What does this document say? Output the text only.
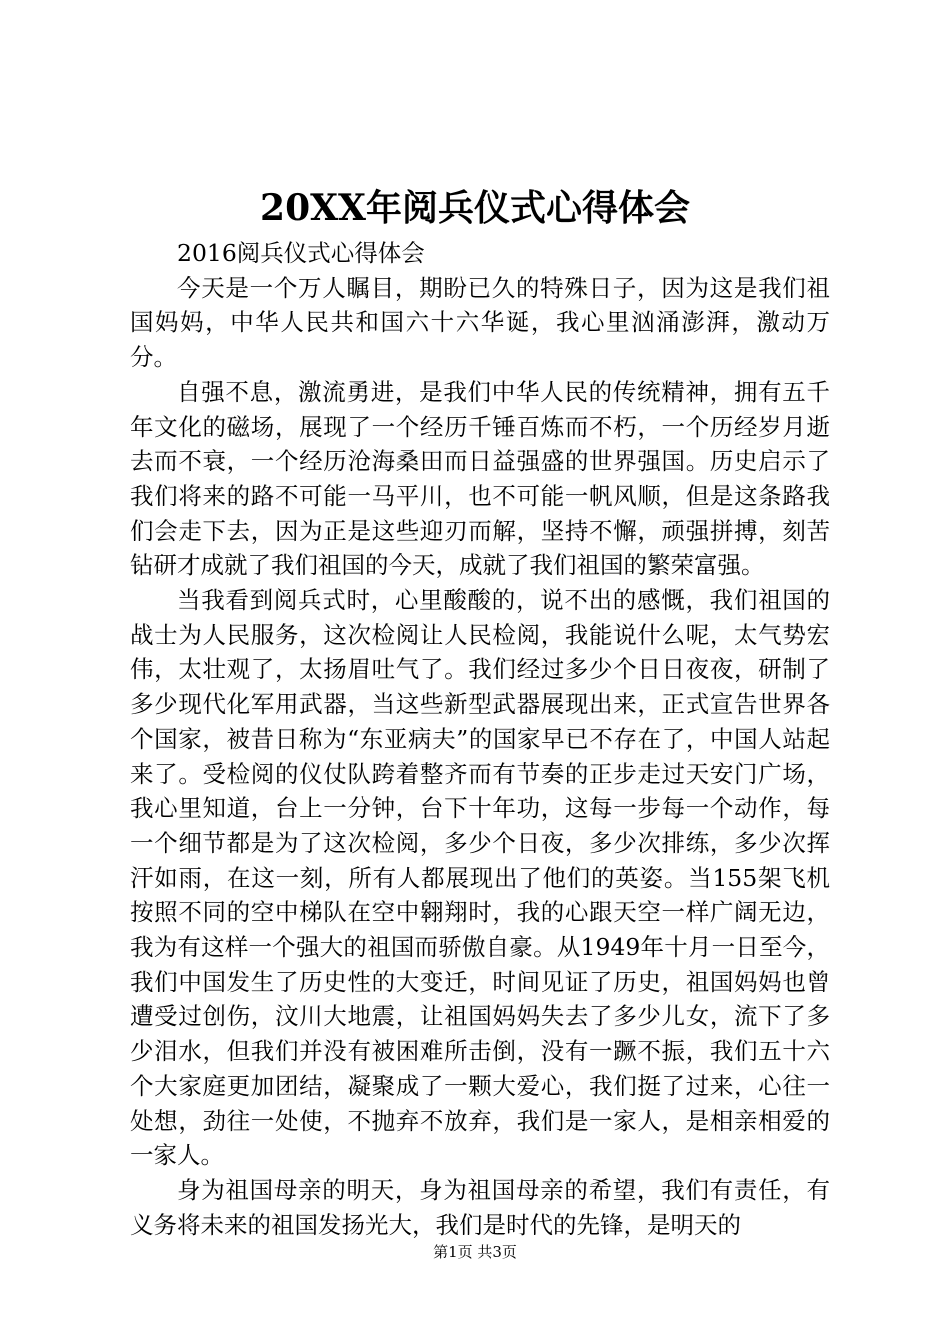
20XX年阅兵仪式心得体会

2016阅兵仪式心得体会

今天是一个万人瞩目，期盼已久的特殊日子，因为这是我们祖国妈妈，中华人民共和国六十六华诞，我心里汹涌澎湃，激动万分。

自强不息，激流勇进，是我们中华人民的传统精神，拥有五千年文化的磁场，展现了一个经历千锤百炼而不朽，一个历经岁月逝去而不衰，一个经历沧海桑田而日益强盛的世界强国。历史启示了我们将来的路不可能一马平川，也不可能一帆风顺，但是这条路我们会走下去，因为正是这些迎刃而解，坚持不懈，顽强拼搏，刻苦钻研才成就了我们祖国的今天，成就了我们祖国的繁荣富强。

当我看到阅兵式时，心里酸酸的，说不出的感慨，我们祖国的战士为人民服务，这次检阅让人民检阅，我能说什么呢，太气势宏伟，太壮观了，太扬眉吐气了。我们经过多少个日日夜夜，研制了多少现代化军用武器，当这些新型武器展现出来，正式宣告世界各个国家，被昔日称为“东亚病夫”的国家早已不存在了，中国人站起来了。受检阅的仪仗队跨着整齐而有节奏的正步走过天安门广场，我心里知道，台上一分钟，台下十年功，这每一步每一个动作，每一个细节都是为了这次检阅，多少个日夜，多少次排练，多少次挥汗如雨，在这一刻，所有人都展现出了他们的英姿。当155架飞机按照不同的空中梯队在空中翱翔时，我的心跟天空一样广阔无边，我为有这样一个强大的祖国而骄傲自豪。从1949年十月一日至今，我们中国发生了历史性的大变迁，时间见证了历史，祖国妈妈也曾遭受过创伤，汶川大地震，让祖国妈妈失去了多少儿女，流下了多少泪水，但我们并没有被困难所击倒，没有一蹶不振，我们五十六个大家庭更加团结，凝聚成了一颗大爱心，我们挺了过来，心往一处想，劲往一处使，不抛弃不放弃，我们是一家人，是相亲相爱的一家人。

身为祖国母亲的明天，身为祖国母亲的希望，我们有责任，有义务将未来的祖国发扬光大，我们是时代的先锋，是明天的

第1页 共3页
